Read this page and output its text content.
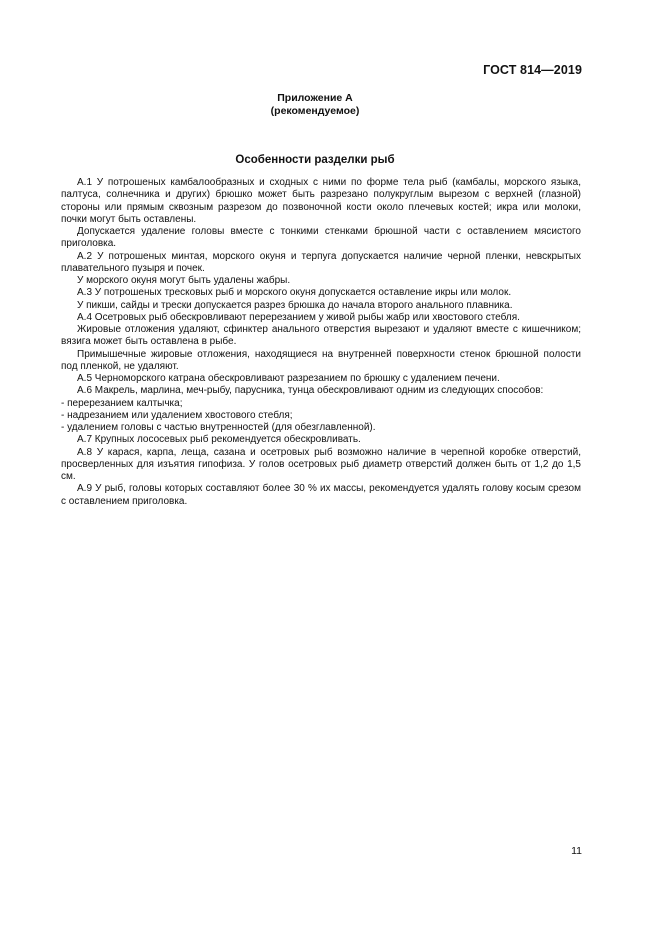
ГОСТ 814—2019
Приложение А
(рекомендуемое)
Особенности разделки рыб

А.1 У потрошеных камбалообразных и сходных с ними по форме тела рыб (камбалы, морского языка, палтуса, солнечника и других) брюшко может быть разрезано полукруглым вырезом с верхней (глазной) стороны или прямым сквозным разрезом до позвоночной кости около плечевых костей; икра или молоки, почки могут быть оставлены.

Допускается удаление головы вместе с тонкими стенками брюшной части с оставлением мясистого приголовка.

А.2 У потрошеных минтая, морского окуня и терпуга допускается наличие черной пленки, невскрытых плавательного пузыря и почек.

У морского окуня могут быть удалены жабры.

А.3 У потрошеных тресковых рыб и морского окуня допускается оставление икры или молок.

У пикши, сайды и трески допускается разрез брюшка до начала второго анального плавника.

А.4 Осетровых рыб обескровливают перерезанием у живой рыбы жабр или хвостового стебля.

Жировые отложения удаляют, сфинктер анального отверстия вырезают и удаляют вместе с кишечником; вязига может быть оставлена в рыбе.

Примышечные жировые отложения, находящиеся на внутренней поверхности стенок брюшной полости под пленкой, не удаляют.

А.5 Черноморского катрана обескровливают разрезанием по брюшку с удалением печени.

А.6 Макрель, марлина, меч-рыбу, парусника, тунца обескровливают одним из следующих способов:

- перерезанием калтычка;
- надрезанием или удалением хвостового стебля;
- удалением головы с частью внутренностей (для обезглавленной).

А.7 Крупных лососевых рыб рекомендуется обескровливать.

А.8 У карася, карпа, леща, сазана и осетровых рыб возможно наличие в черепной коробке отверстий, просверленных для изъятия гипофиза. У голов осетровых рыб диаметр отверстий должен быть от 1,2 до 1,5 см.

А.9 У рыб, головы которых составляют более 30 % их массы, рекомендуется удалять голову косым срезом с оставлением приголовка.

11
